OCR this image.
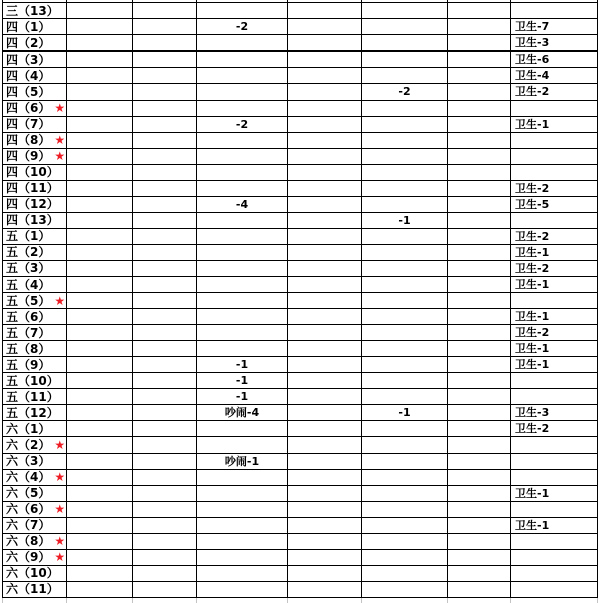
三（13）							
四（1）			-2				卫生-7
四（2）							卫生-3
四（3）							卫生-6
四（4）							卫生-4
四（5）					-2		卫生-2
四（6） ★							
四（7）			-2				卫生-1
四（8） ★							
四（9） ★							
四（10）							
四（11）							卫生-2
四（12）			-4				卫生-5
四（13）					-1		
五（1）							卫生-2
五（2）							卫生-1
五（3）							卫生-2
五（4）							卫生-1
五（5） ★							
五（6）							卫生-1
五（7）							卫生-2
五（8）							卫生-1
五（9）			-1				卫生-1
五（10）			-1				
五（11）			-1				
五（12）			吵闹-4		-1		卫生-3
六（1）							卫生-2
六（2） ★							
六（3）			吵闹-1				
六（4） ★							
六（5）							卫生-1
六（6） ★							
六（7）							卫生-1
六（8） ★							
六（9） ★							
六（10）							
六（11）							
